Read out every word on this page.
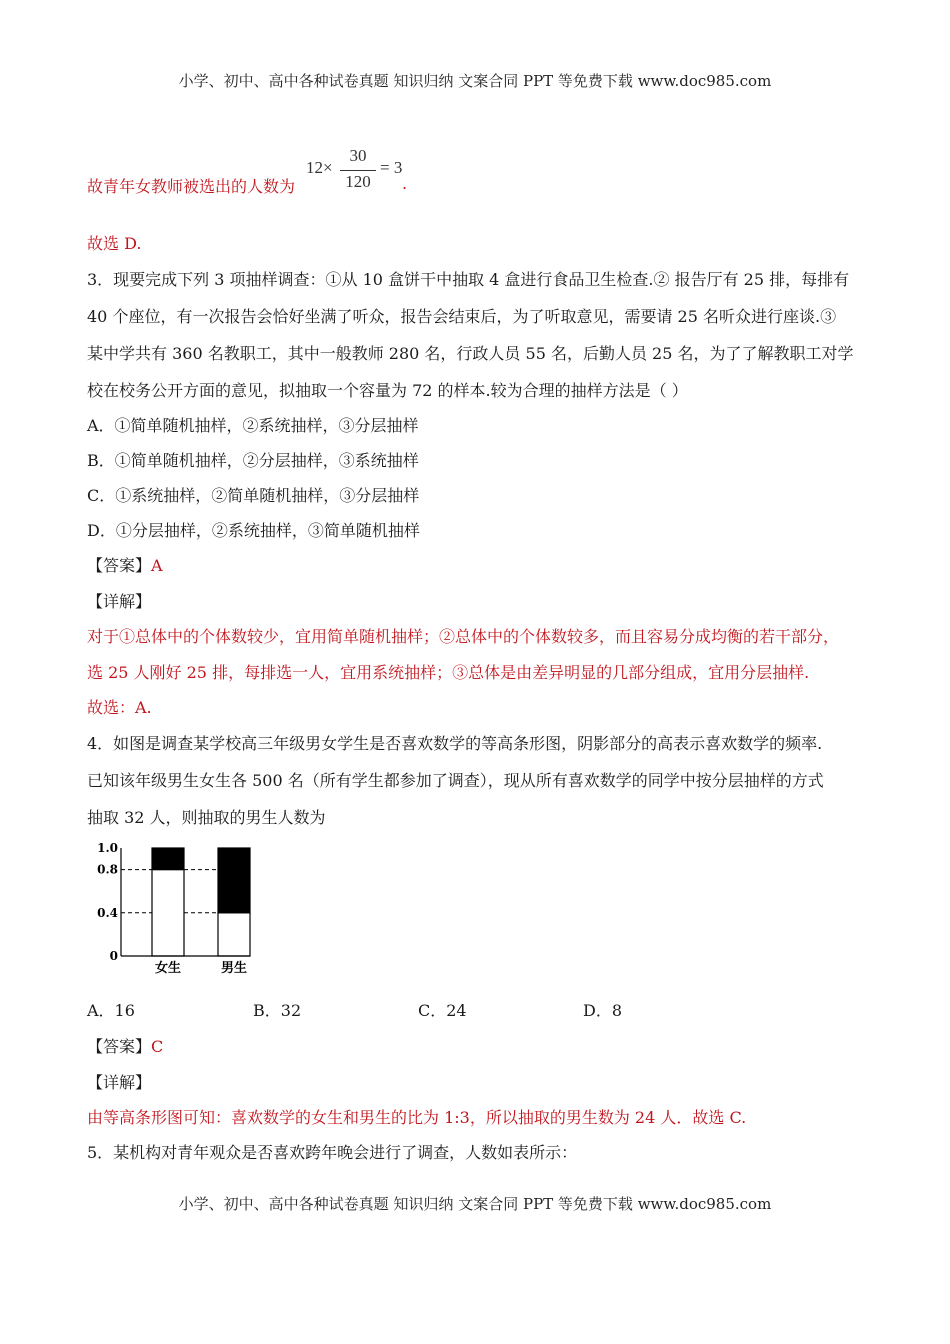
小学、初中、高中各种试卷真题 知识归纳 文案合同 PPT 等免费下载 www.doc985.com
故青年女教师被选出的人数为
12×
30
120
= 3
.
故选 D.
3．现要完成下列 3 项抽样调查：①从 10 盒饼干中抽取 4 盒进行食品卫生检查.② 报告厅有 25 排，每排有
40 个座位，有一次报告会恰好坐满了听众，报告会结束后，为了听取意见，需要请 25 名听众进行座谈.③
某中学共有 360 名教职工，其中一般教师 280 名，行政人员 55 名，后勤人员 25 名，为了了解教职工对学
校在校务公开方面的意见，拟抽取一个容量为 72 的样本.较为合理的抽样方法是（ ）
A．①简单随机抽样，②系统抽样，③分层抽样
B．①简单随机抽样，②分层抽样，③系统抽样
C．①系统抽样，②简单随机抽样，③分层抽样
D．①分层抽样，②系统抽样，③简单随机抽样
【答案】A
【详解】
对于①总体中的个体数较少，宜用简单随机抽样；②总体中的个体数较多，而且容易分成均衡的若干部分，
选 25 人刚好 25 排，每排选一人，宜用系统抽样；③总体是由差异明显的几部分组成，宜用分层抽样.
故选：A.
4．如图是调查某学校高三年级男女学生是否喜欢数学的等高条形图，阴影部分的高表示喜欢数学的频率.
已知该年级男生女生各 500 名（所有学生都参加了调查），现从所有喜欢数学的同学中按分层抽样的方式
抽取 32 人，则抽取的男生人数为
女生	男生
0
0.4
0.8
1.0
A．16	B．32	C．24	D．8
【答案】C
【详解】
由等高条形图可知：喜欢数学的女生和男生的比为 1:3，所以抽取的男生数为 24 人．故选 C.
5．某机构对青年观众是否喜欢跨年晚会进行了调查，人数如表所示：
小学、初中、高中各种试卷真题 知识归纳 文案合同 PPT 等免费下载 www.doc985.com
